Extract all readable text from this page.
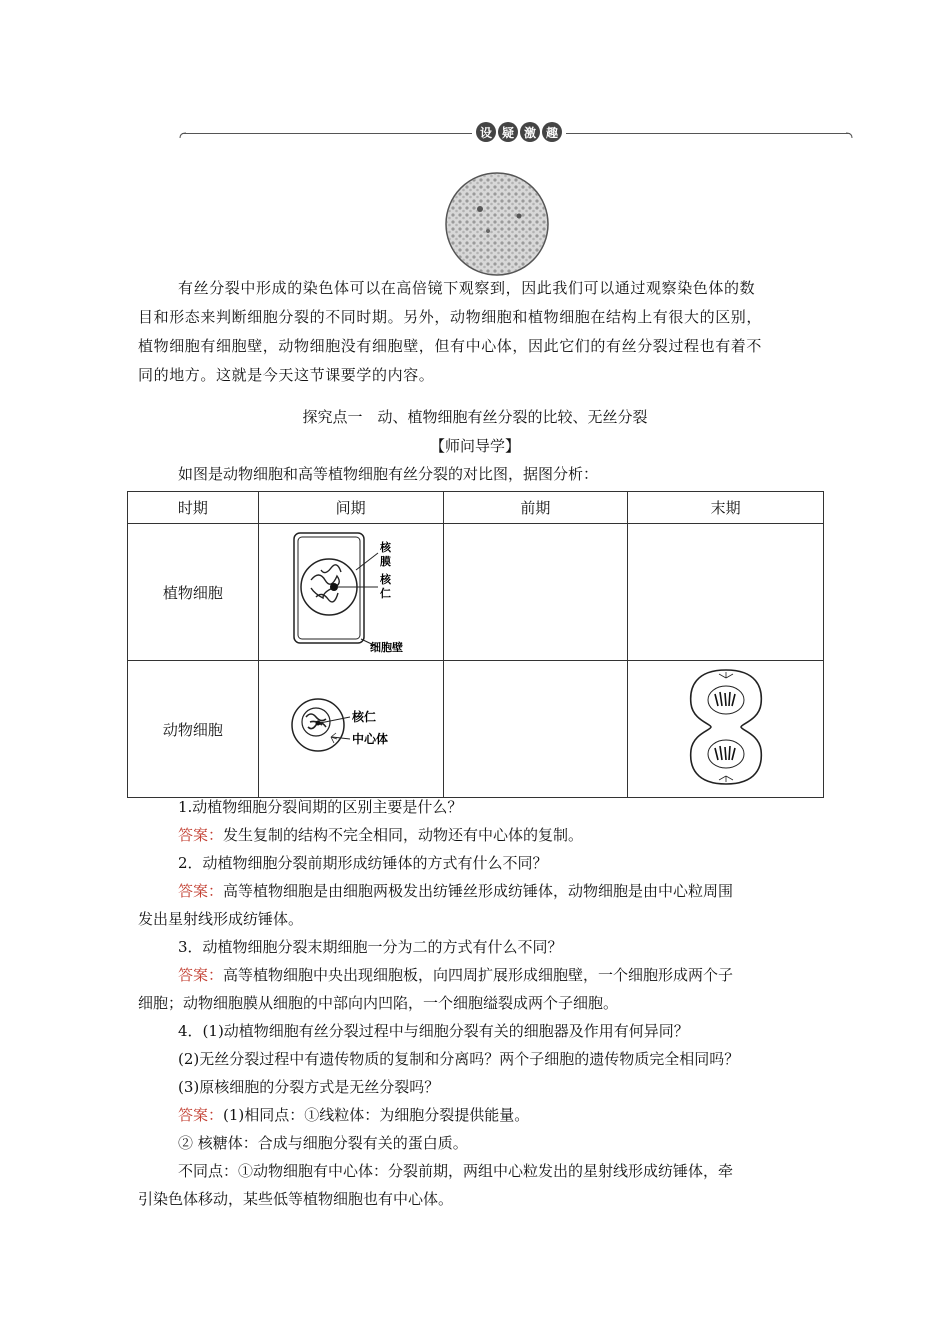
设 疑 激 趣
有丝分裂中形成的染色体可以在高倍镜下观察到，因此我们可以通过观察染色体的数
目和形态来判断细胞分裂的不同时期。另外，动物细胞和植物细胞在结构上有很大的区别，
植物细胞有细胞壁，动物细胞没有细胞壁，但有中心体，因此它们的有丝分裂过程也有着不
同的地方。这就是今天这节课要学的内容。
探究点一　动、植物细胞有丝分裂的比较、无丝分裂
【师问导学】
如图是动物细胞和高等植物细胞有丝分裂的对比图，据图分析：
时期	间期	前期	末期
植物细胞	核
膜
核
仁
细胞壁		

动物细胞	核仁
中心体

1.动植物细胞分裂间期的区别主要是什么？
答案：发生复制的结构不完全相同，动物还有中心体的复制。
2．动植物细胞分裂前期形成纺锤体的方式有什么不同？
答案：高等植物细胞是由细胞两极发出纺锤丝形成纺锤体，动物细胞是由中心粒周围
发出星射线形成纺锤体。
3．动植物细胞分裂末期细胞一分为二的方式有什么不同？
答案：高等植物细胞中央出现细胞板，向四周扩展形成细胞壁，一个细胞形成两个子
细胞；动物细胞膜从细胞的中部向内凹陷，一个细胞缢裂成两个子细胞。
4．(1)动植物细胞有丝分裂过程中与细胞分裂有关的细胞器及作用有何异同？
(2)无丝分裂过程中有遗传物质的复制和分离吗？两个子细胞的遗传物质完全相同吗？
(3)原核细胞的分裂方式是无丝分裂吗？
答案：(1)相同点：①线粒体：为细胞分裂提供能量。
② 核糖体：合成与细胞分裂有关的蛋白质。
不同点：①动物细胞有中心体：分裂前期，两组中心粒发出的星射线形成纺锤体，牵
引染色体移动，某些低等植物细胞也有中心体。
